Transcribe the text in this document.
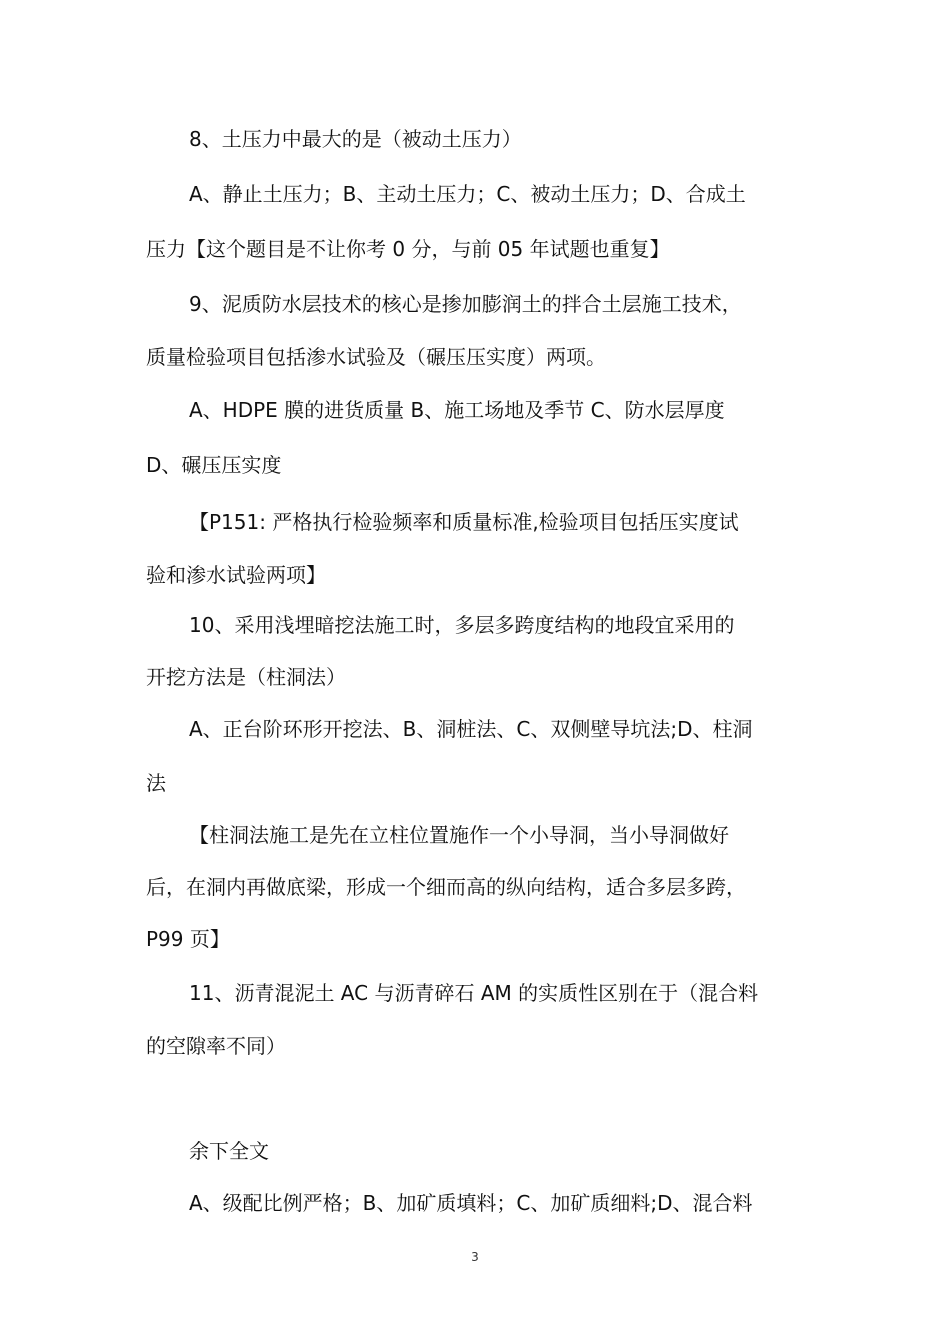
8、土压力中最大的是（被动土压力）
A、静止土压力；B、主动土压力；C、被动土压力；D、合成土
压力【这个题目是不让你考 0 分，与前 05 年试题也重复】
9、泥质防水层技术的核心是掺加膨润土的拌合土层施工技术，
质量检验项目包括渗水试验及（碾压压实度）两项。
A、HDPE 膜的进货质量 B、施工场地及季节 C、防水层厚度
D、碾压压实度
【P151: 严格执行检验频率和质量标准,检验项目包括压实度试
验和渗水试验两项】
10、采用浅埋暗挖法施工时，多层多跨度结构的地段宜采用的
开挖方法是（柱洞法）
A、正台阶环形开挖法、B、洞桩法、C、双侧壁导坑法;D、柱洞
法
【柱洞法施工是先在立柱位置施作一个小导洞，当小导洞做好
后，在洞内再做底梁，形成一个细而高的纵向结构，适合多层多跨，
P99 页】
11、沥青混泥土 AC 与沥青碎石 AM 的实质性区别在于（混合料
的空隙率不同）
余下全文
A、级配比例严格；B、加矿质填料；C、加矿质细料;D、混合料
3
